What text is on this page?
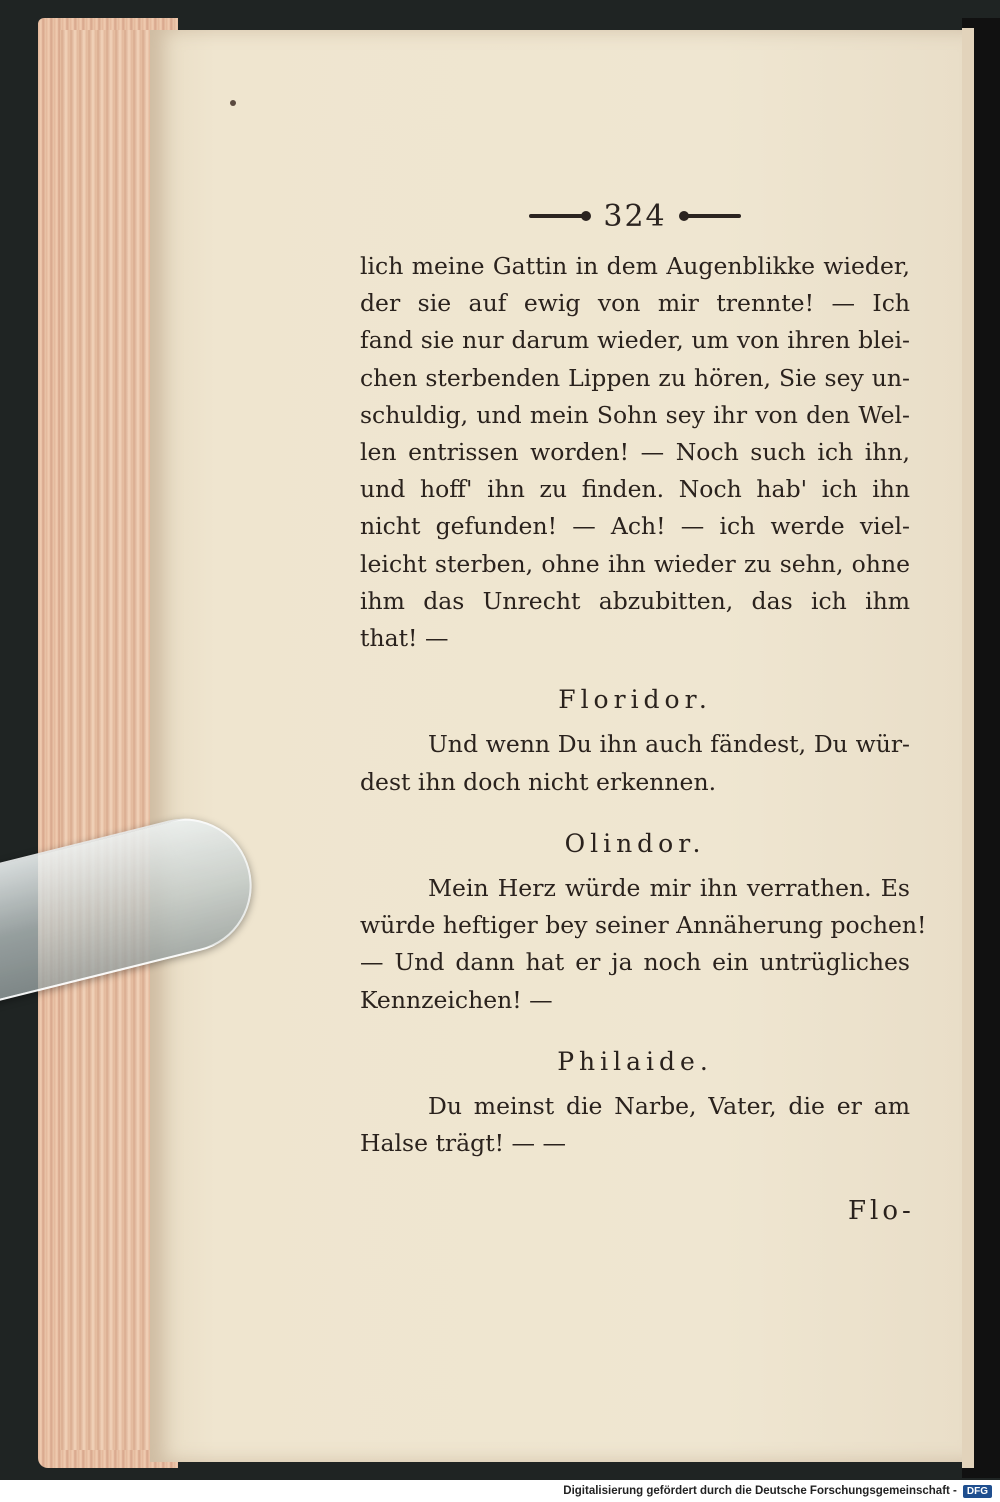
324
lich meine Gattin in dem Augenblikke wieder,
der sie auf ewig von mir trennte! — Ich
fand sie nur darum wieder, um von ihren blei-
chen sterbenden Lippen zu hören, Sie sey un-
schuldig, und mein Sohn sey ihr von den Wel-
len entrissen worden! — Noch such ich ihn,
und hoff' ihn zu finden. Noch hab' ich ihn
nicht gefunden! — Ach! — ich werde viel-
leicht sterben, ohne ihn wieder zu sehn, ohne
ihm das Unrecht abzubitten, das ich ihm
that! —
Floridor.
Und wenn Du ihn auch fändest, Du wür-
dest ihn doch nicht erkennen.
Olindor.
Mein Herz würde mir ihn verrathen. Es
würde heftiger bey seiner Annäherung pochen!
— Und dann hat er ja noch ein untrügliches
Kennzeichen! —
Philaide.
Du meinst die Narbe, Vater, die er am
Halse trägt! — —
Flo-
Digitalisierung gefördert durch die Deutsche Forschungsgemeinschaft -	DFG
